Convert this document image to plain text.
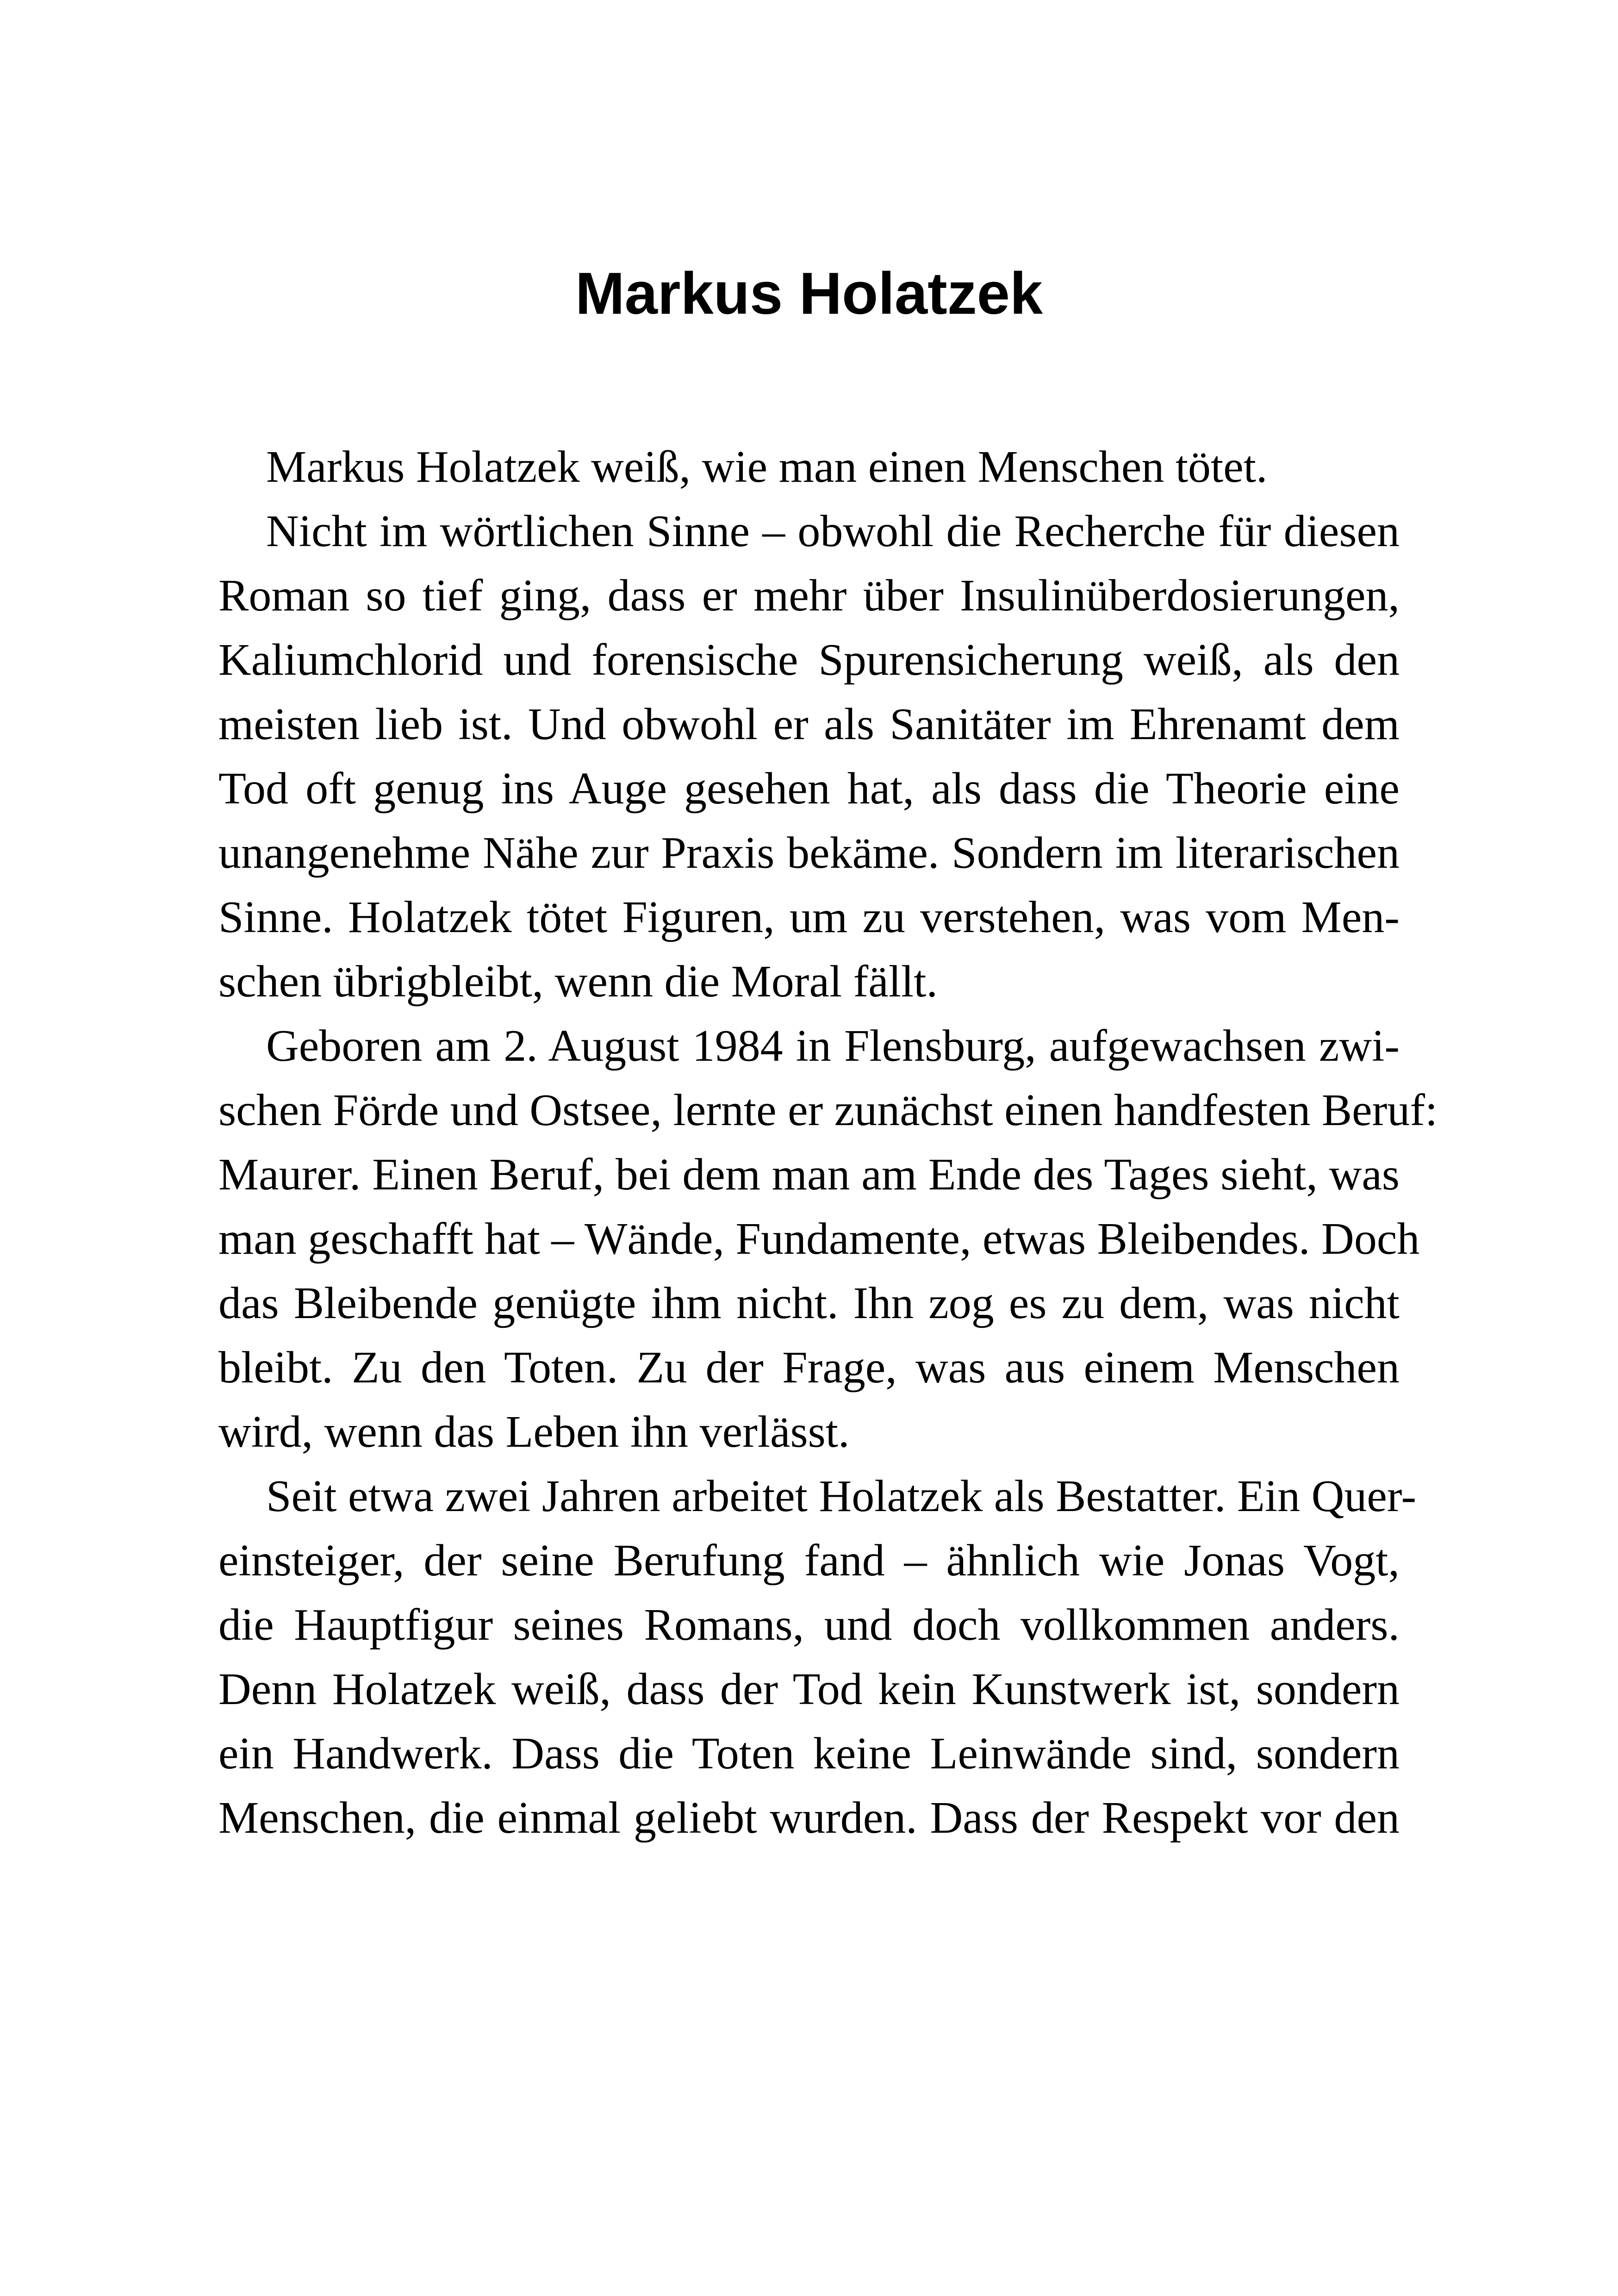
Markus Holatzek
Markus Holatzek weiß, wie man einen Menschen tötet.
Nicht im wörtlichen Sinne – obwohl die Recherche für diesen
Roman so tief ging, dass er mehr über Insulinüberdosierungen,
Kaliumchlorid und forensische Spurensicherung weiß, als den
meisten lieb ist. Und obwohl er als Sanitäter im Ehrenamt dem
Tod oft genug ins Auge gesehen hat, als dass die Theorie eine
unangenehme Nähe zur Praxis bekäme. Sondern im literarischen
Sinne. Holatzek tötet Figuren, um zu verstehen, was vom Men-
schen übrigbleibt, wenn die Moral fällt.
Geboren am 2. August 1984 in Flensburg, aufgewachsen zwi-
schen Förde und Ostsee, lernte er zunächst einen handfesten Beruf:
Maurer. Einen Beruf, bei dem man am Ende des Tages sieht, was
man geschafft hat – Wände, Fundamente, etwas Bleibendes. Doch
das Bleibende genügte ihm nicht. Ihn zog es zu dem, was nicht
bleibt. Zu den Toten. Zu der Frage, was aus einem Menschen
wird, wenn das Leben ihn verlässt.
Seit etwa zwei Jahren arbeitet Holatzek als Bestatter. Ein Quer-
einsteiger, der seine Berufung fand – ähnlich wie Jonas Vogt,
die Hauptfigur seines Romans, und doch vollkommen anders.
Denn Holatzek weiß, dass der Tod kein Kunstwerk ist, sondern
ein Handwerk. Dass die Toten keine Leinwände sind, sondern
Menschen, die einmal geliebt wurden. Dass der Respekt vor den
